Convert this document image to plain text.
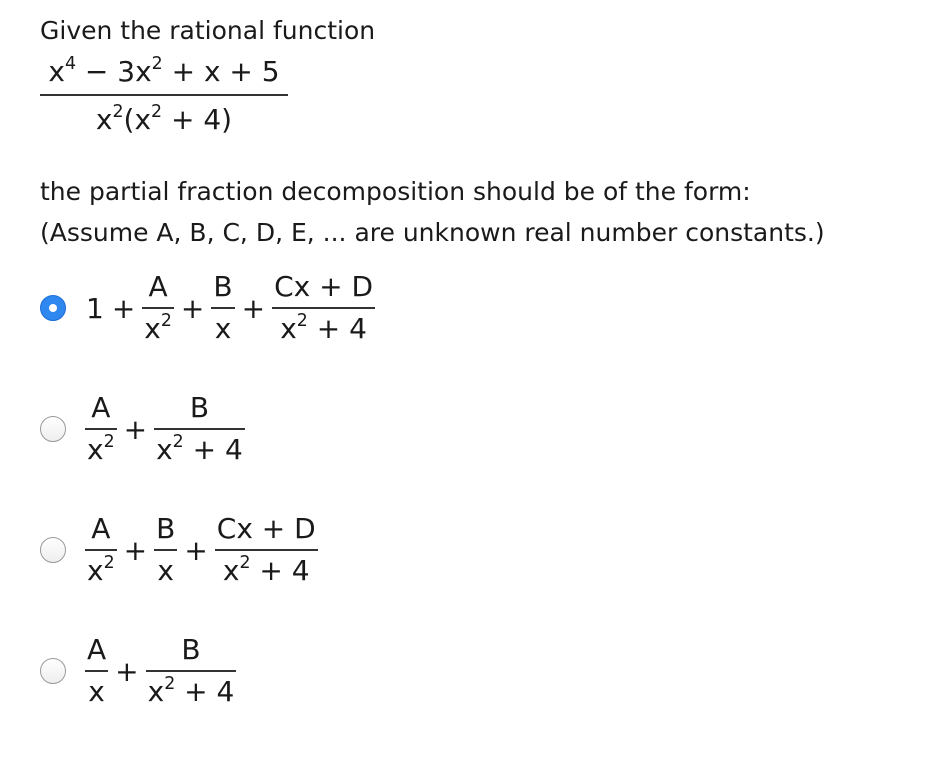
Given the rational function
$\frac{x^4 - 3x^2 + x + 5}{x^2(x^2 + 4)}$
the partial fraction decomposition should be of the form:
(Assume A, B, C, D, E, ... are unknown real number constants.)
$1 + \frac{A}{x^2} + \frac{B}{x} + \frac{Cx + D}{x^2 + 4}$
$\frac{A}{x^2} + \frac{B}{x^2 + 4}$
$\frac{A}{x^2} + \frac{B}{x} + \frac{Cx + D}{x^2 + 4}$
$\frac{A}{x} + \frac{B}{x^2 + 4}$
